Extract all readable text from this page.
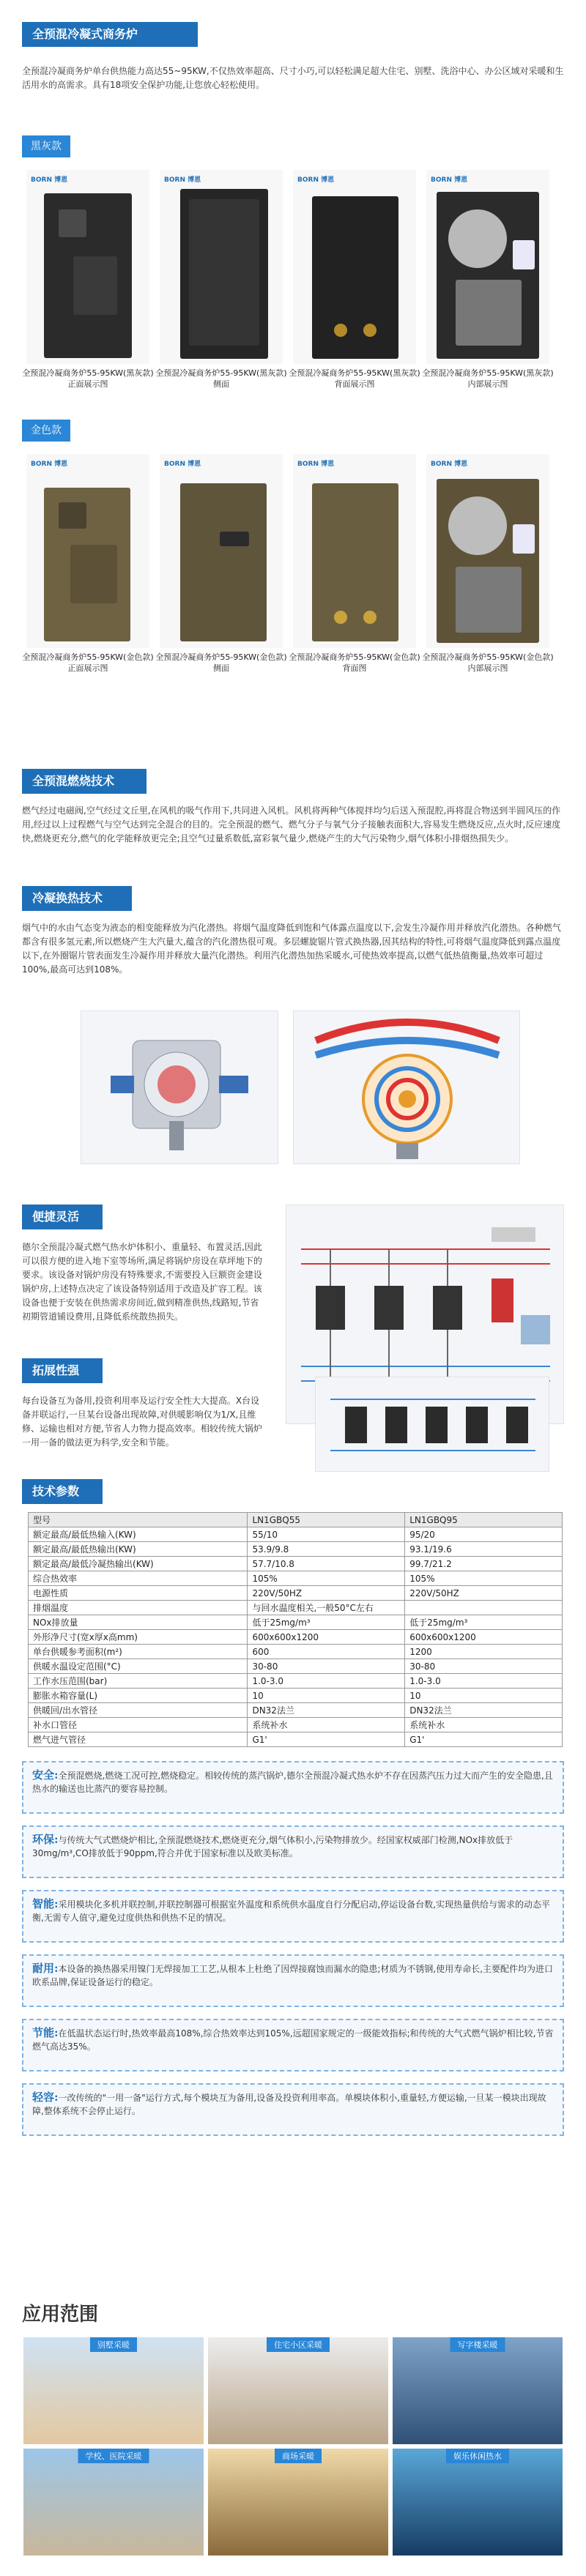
全预混冷凝式商务炉
全预混冷凝商务炉单台供热能力高达55~95KW,不仅热效率超高、尺寸小巧,可以轻松满足超大住宅、别墅、洗浴中心、办公区域对采暖和生活用水的高需求。具有18项安全保护功能,让您放心轻松使用。
黑灰款
BORN 博恩	BORN 博恩	BORN 博恩	BORN 博恩
全预混冷凝商务炉55-95KW(黑灰款)正面展示图
全预混冷凝商务炉55-95KW(黑灰款)侧面
全预混冷凝商务炉55-95KW(黑灰款)背面展示图
全预混冷凝商务炉55-95KW(黑灰款)内部展示图
金色款
BORN 博恩	BORN 博恩	BORN 博恩	BORN 博恩
全预混冷凝商务炉55-95KW(金色款)正面展示图
全预混冷凝商务炉55-95KW(金色款)侧面
全预混冷凝商务炉55-95KW(金色款)背面图
全预混冷凝商务炉55-95KW(金色款)内部展示图
全预混燃烧技术
燃气经过电磁阀,空气经过文丘里,在风机的吸气作用下,共同进入风机。风机将两种气体搅拌均匀后送入预混腔,再将混合物送到半圆风压的作用,经过以上过程燃气与空气达到完全混合的目的。完全预混的燃气、燃气分子与氧气分子接触表面积大,容易发生燃烧反应,点火时,反应速度快,燃烧更充分,燃气的化学能释放更完全;且空气过量系数低,富彩氧气量少,燃烧产生的大气污染物少,烟气体积小排烟热损失少。
冷凝换热技术
烟气中的水由气态变为液态的相变能释放为汽化潜热。将烟气温度降低到饱和气体露点温度以下,会发生冷凝作用并释放汽化潜热。各种燃气都含有很多氢元素,所以燃烧产生大汽量大,蕴含的汽化潜热很可观。多层螺旋锯片管式换热器,因其结构的特性,可将烟气温度降低到露点温度以下,在外圈锯片管表面发生冷凝作用并释放大量汽化潜热。利用汽化潜热加热采暖水,可使热效率提高,以燃气低热值衡量,热效率可超过100%,最高可达到108%。
便捷灵活
德尔全预混冷凝式燃气热水炉体积小、重量轻、布置灵活,因此可以很方便的进入地下室等场所,满足将锅炉房设在草坪地下的要求。该设备对锅炉房没有特殊要求,不需要投入巨额资金建设锅炉房,上述特点决定了该设备特别适用于改造及扩容工程。该设备也便于安装在供热需求房间近,做到精准供热,线路短,节省初期管道铺设费用,且降低系统散热损失。
拓展性强
每台设备互为备用,投资利用率及运行安全性大大提高。X台设备并联运行,一旦某台设备出现故障,对供暖影响仅为1/X,且维修、运输也相对方便,节省人力物力提高效率。相较传统大锅炉一用一备的做法更为科学,安全和节能。
技术参数
型号	LN1GBQ55	LN1GBQ95
额定最高/最低热输入(KW)	55/10	95/20
额定最高/最低热输出(KW)	53.9/9.8	93.1/19.6
额定最高/最低冷凝热输出(KW)	57.7/10.8	99.7/21.2
综合热效率	105%	105%
电源性质	220V/50HZ	220V/50HZ
排烟温度	与回水温度相关,一般50°C左右	
NOx排放量	低于25mg/m³	低于25mg/m³
外形净尺寸(宽x厚x高mm)	600x600x1200	600x600x1200
单台供暖参考面积(m²)	600	1200
供暖水温设定范围(°C)	30-80	30-80
工作水压范围(bar)	1.0-3.0	1.0-3.0
膨胀水箱容量(L)	10	10
供暖回/出水管径	DN32法兰	DN32法兰
补水口管径	系统补水	系统补水
燃气进气管径	G1'	G1'
安全:全预混燃烧,燃烧工况可控,燃烧稳定。相较传统的蒸汽锅炉,德尔全预混冷凝式热水炉不存在因蒸汽压力过大而产生的安全隐患,且热水的输送也比蒸汽的要容易控制。
环保:与传统大气式燃烧炉相比,全预混燃烧技术,燃烧更充分,烟气体积小,污染物排放少。经国家权威部门检测,NOx排放低于30mg/m³,CO排放低于90ppm,符合并优于国家标准以及欧美标准。
智能:采用模块化多机并联控制,并联控制器可根据室外温度和系统供水温度自行分配启动,停运设备台数,实现热量供给与需求的动态平衡,无需专人值守,避免过度供热和供热不足的情况。
耐用:本设备的换热器采用镍门无焊接加工工艺,从根本上杜绝了因焊接腐蚀而漏水的隐患;材质为不锈钢,使用寿命长,主要配件均为进口欧系品牌,保证设备运行的稳定。
节能:在低温状态运行时,热效率最高108%,综合热效率达到105%,远超国家规定的一级能效指标;和传统的大气式燃气锅炉相比较,节省燃气高达35%。
轻容:一改传统的"一用一备"运行方式,每个模块互为备用,设备及投资利用率高。单模块体积小,重量轻,方便运输,一旦某一模块出现故障,整体系统不会停止运行。
应用范围
别墅采暖	住宅小区采暖	写字楼采暖
学校、医院采暖	商场采暖	娱乐休闲热水
